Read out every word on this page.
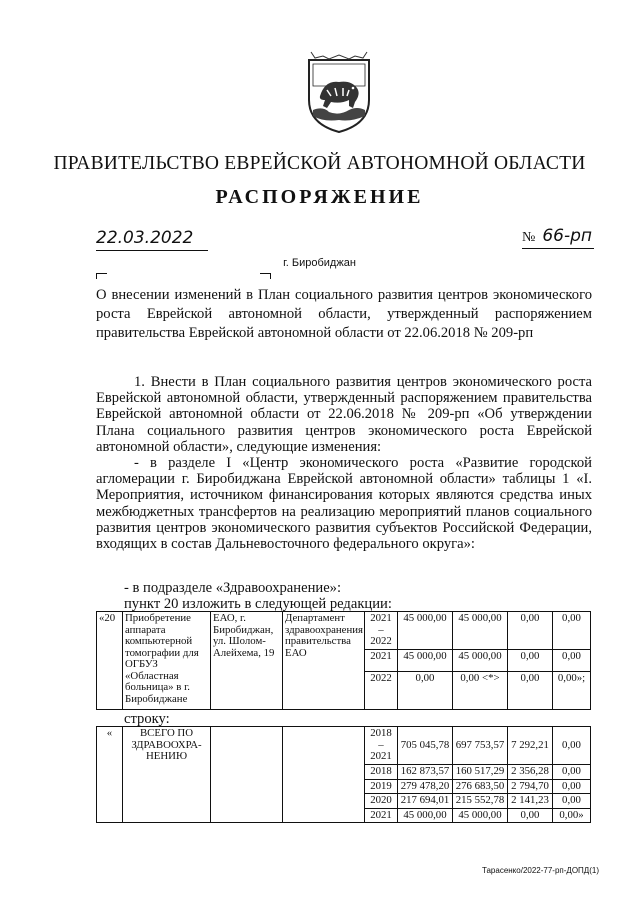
ПРАВИТЕЛЬСТВО ЕВРЕЙСКОЙ АВТОНОМНОЙ ОБЛАСТИ
РАСПОРЯЖЕНИЕ
22.03.2022	№ 66-рп
г. Биробиджан
О внесении изменений в План социального развития центров экономического роста Еврейской автономной области, утвержденный распоряжением правительства Еврейской автономной области от 22.06.2018 № 209-рп

1. Внести в План социального развития центров экономического роста Еврейской автономной области, утвержденный распоряжением правительства Еврейской автономной области от 22.06.2018 № 209-рп «Об утверждении Плана социального развития центров экономического роста Еврейской автономной области», следующие изменения:

- в разделе I «Центр экономического роста «Развитие городской агломерации г. Биробиджана Еврейской автономной области» таблицы 1 «I. Мероприятия, источником финансирования которых являются средства иных межбюджетных трансфертов на реализацию мероприятий планов социального развития центров экономического развития субъектов Российской Федерации, входящих в состав Дальневосточного федерального округа»:

- в подразделе «Здравоохранение»:
пункт 20 изложить в следующей редакции:
«20	Приобретение аппарата компьютерной томографии для ОГБУЗ «Областная больница» в г. Биробиджане	ЕАО, г. Биробиджан, ул. Шолом-Алейхема, 19	Департамент здравоохранения правительства ЕАО	2021 – 2022	45 000,00	45 000,00	0,00	0,00
				2021	45 000,00	45 000,00	0,00	0,00
				2022	0,00	0,00 <*>	0,00	0,00»;
строку:
«	ВСЕГО ПО ЗДРАВООХРА-НЕНИЮ			2018 – 2021	705 045,78	697 753,57	7 292,21	0,00
				2018	162 873,57	160 517,29	2 356,28	0,00
				2019	279 478,20	276 683,50	2 794,70	0,00
				2020	217 694,01	215 552,78	2 141,23	0,00
				2021	45 000,00	45 000,00	0,00	0,00»
Тарасенко/2022-77-рп-ДОПД(1)
